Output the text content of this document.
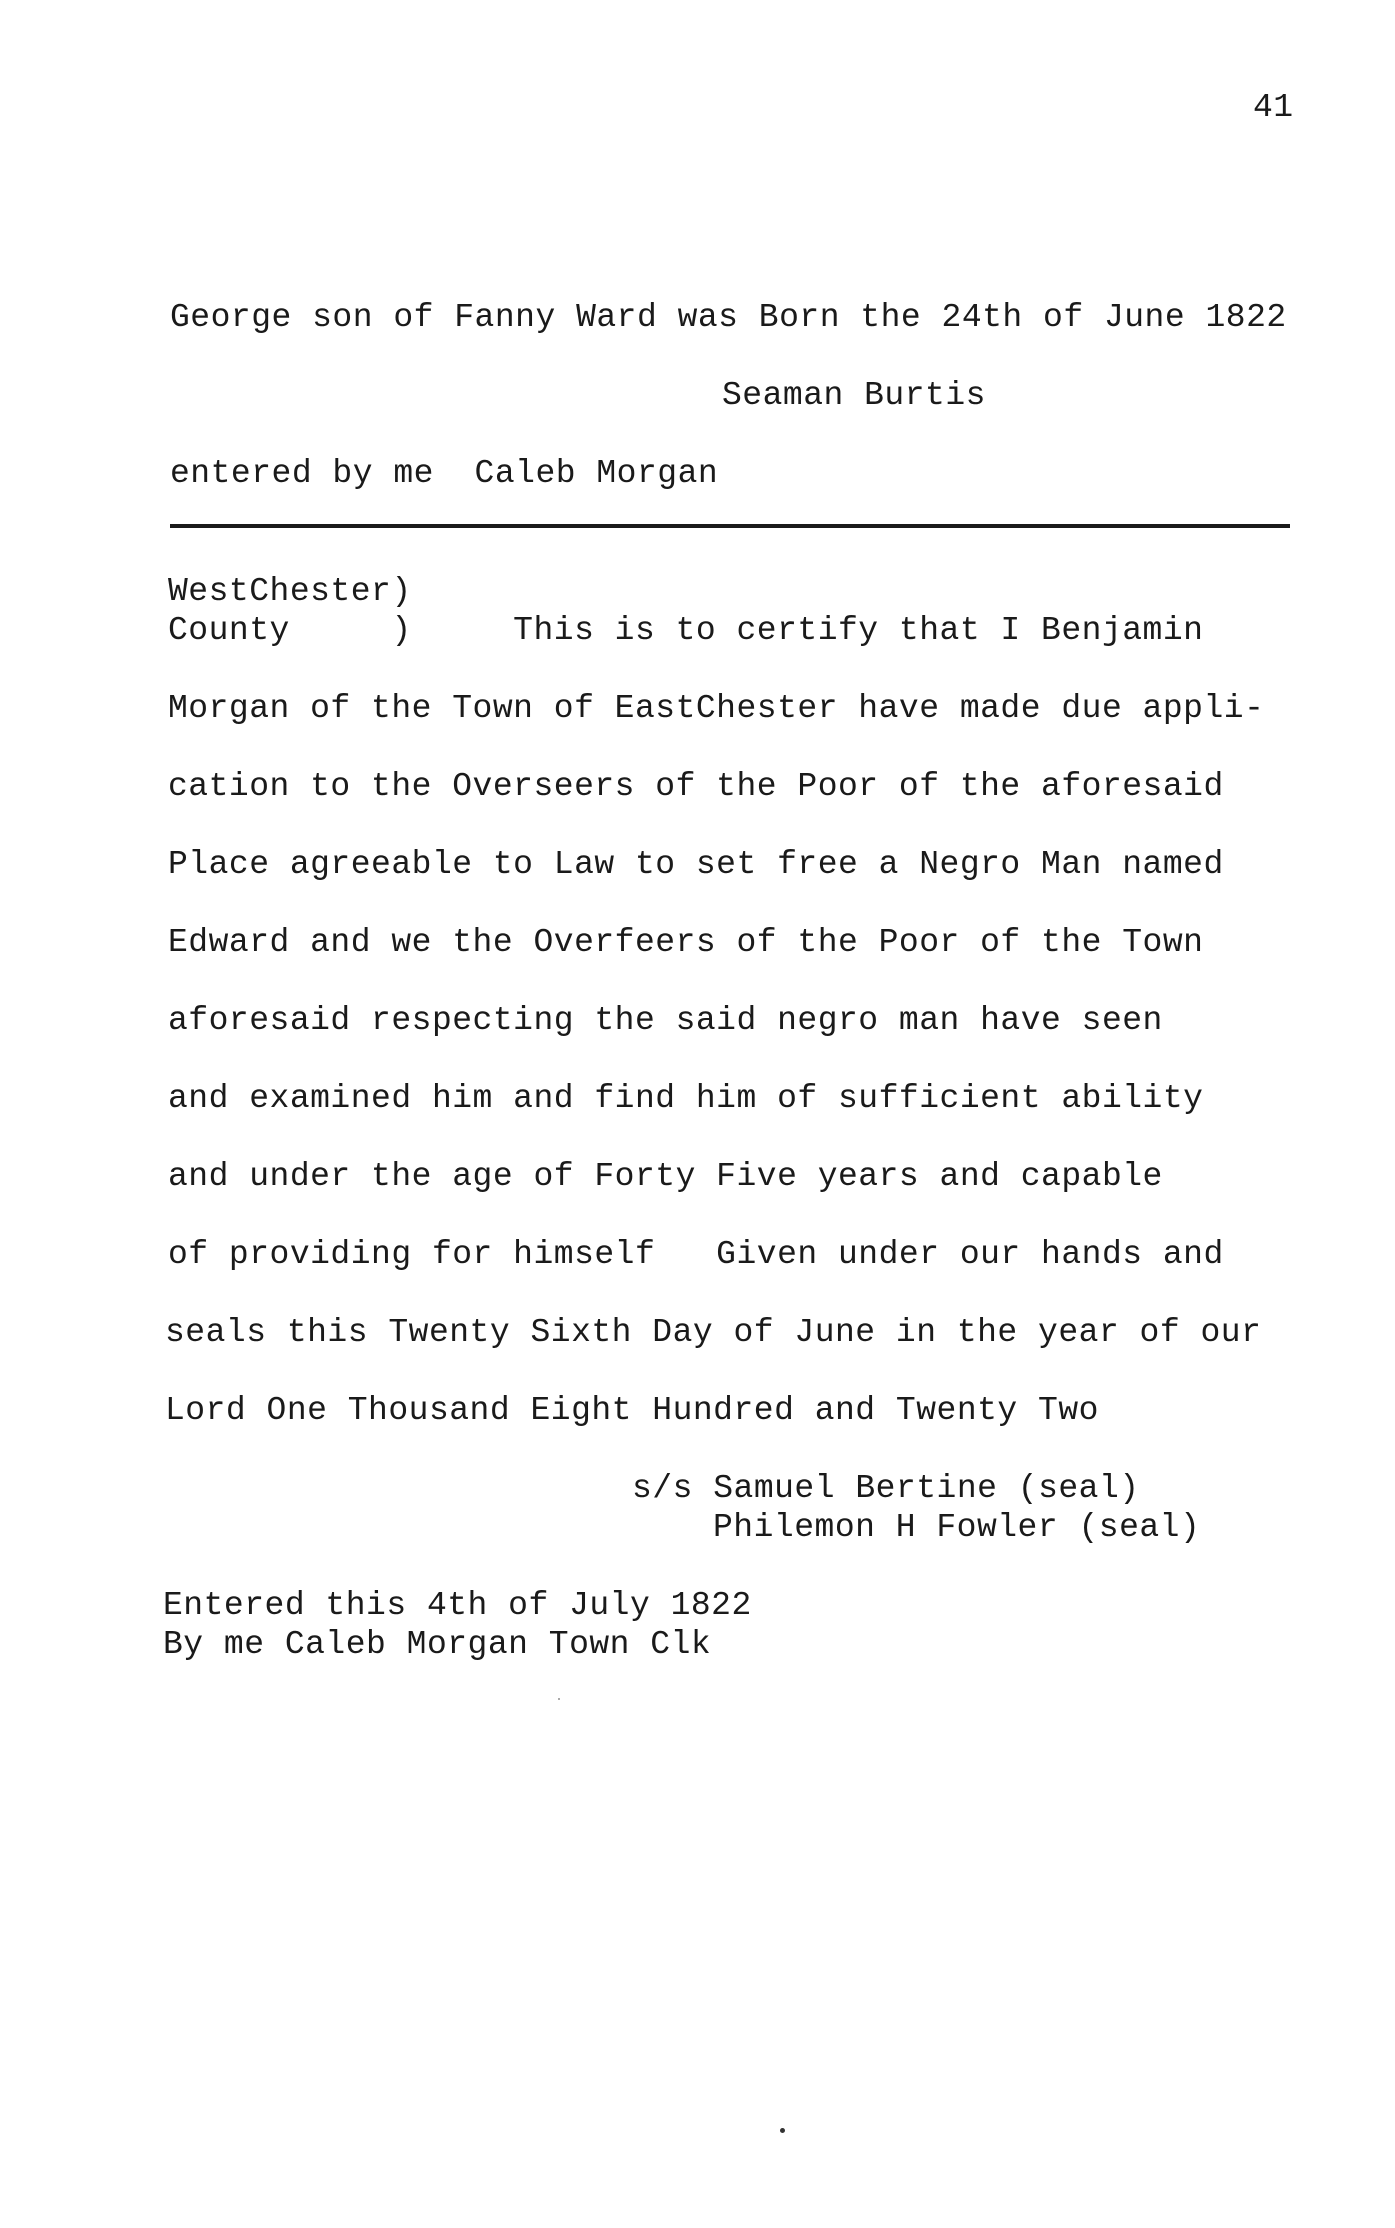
41
George son of Fanny Ward was Born the 24th of June 1822
Seaman Burtis
entered by me  Caleb Morgan
WestChester)
County     )     This is to certify that I Benjamin
Morgan of the Town of EastChester have made due appli-
cation to the Overseers of the Poor of the aforesaid
Place agreeable to Law to set free a Negro Man named
Edward and we the Overfeers of the Poor of the Town
aforesaid respecting the said negro man have seen
and examined him and find him of sufficient ability
and under the age of Forty Five years and capable
of providing for himself   Given under our hands and
seals this Twenty Sixth Day of June in the year of our
Lord One Thousand Eight Hundred and Twenty Two
s/s Samuel Bertine (seal)
Philemon H Fowler (seal)
Entered this 4th of July 1822
By me Caleb Morgan Town Clk
